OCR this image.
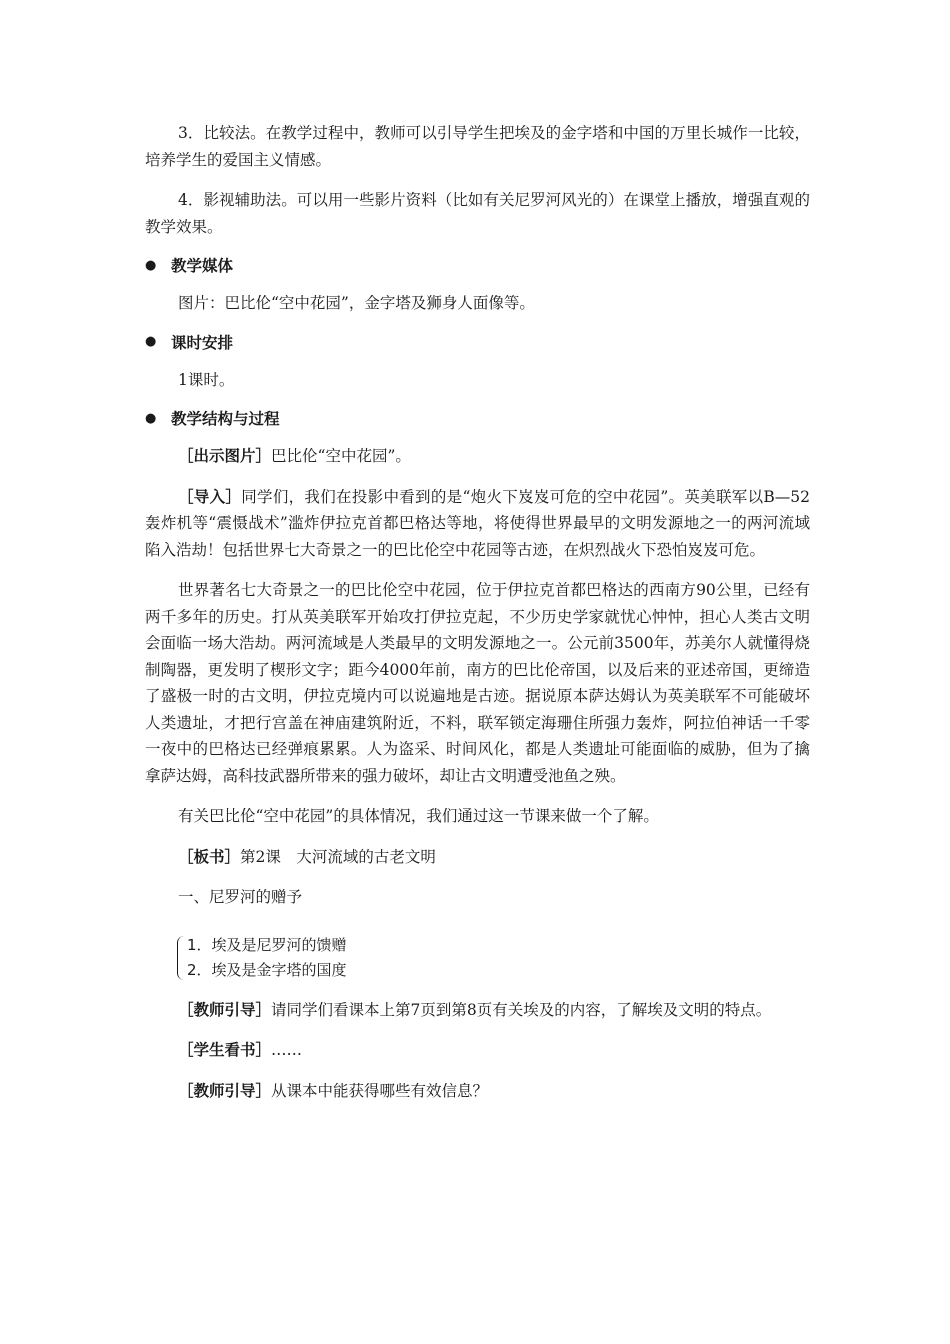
3．比较法。在教学过程中，教师可以引导学生把埃及的金字塔和中国的万里长城作一比较，培养学生的爱国主义情感。

4．影视辅助法。可以用一些影片资料（比如有关尼罗河风光的）在课堂上播放，增强直观的教学效果。

● 教学媒体

图片：巴比伦“空中花园”，金字塔及狮身人面像等。

● 课时安排

1课时。

● 教学结构与过程

［出示图片］巴比伦“空中花园”。

［导入］同学们，我们在投影中看到的是“炮火下岌岌可危的空中花园”。英美联军以B—52轰炸机等“震慑战术”滥炸伊拉克首都巴格达等地，将使得世界最早的文明发源地之一的两河流域陷入浩劫！包括世界七大奇景之一的巴比伦空中花园等古迹，在炽烈战火下恐怕岌岌可危。

世界著名七大奇景之一的巴比伦空中花园，位于伊拉克首都巴格达的西南方90公里，已经有两千多年的历史。打从英美联军开始攻打伊拉克起，不少历史学家就忧心忡忡，担心人类古文明会面临一场大浩劫。两河流域是人类最早的文明发源地之一。公元前3500年，苏美尔人就懂得烧制陶器，更发明了楔形文字；距今4000年前，南方的巴比伦帝国，以及后来的亚述帝国，更缔造了盛极一时的古文明，伊拉克境内可以说遍地是古迹。据说原本萨达姆认为英美联军不可能破坏人类遗址，才把行宫盖在神庙建筑附近，不料，联军锁定海珊住所强力轰炸，阿拉伯神话一千零一夜中的巴格达已经弹痕累累。人为盗采、时间风化，都是人类遗址可能面临的威胁，但为了擒拿萨达姆，高科技武器所带来的强力破坏，却让古文明遭受池鱼之殃。

有关巴比伦“空中花园”的具体情况，我们通过这一节课来做一个了解。

［板书］第2课　大河流域的古老文明

一、尼罗河的赠予

1．埃及是尼罗河的馈赠
2．埃及是金字塔的国度

［教师引导］请同学们看课本上第7页到第8页有关埃及的内容，了解埃及文明的特点。

［学生看书］……

［教师引导］从课本中能获得哪些有效信息？
